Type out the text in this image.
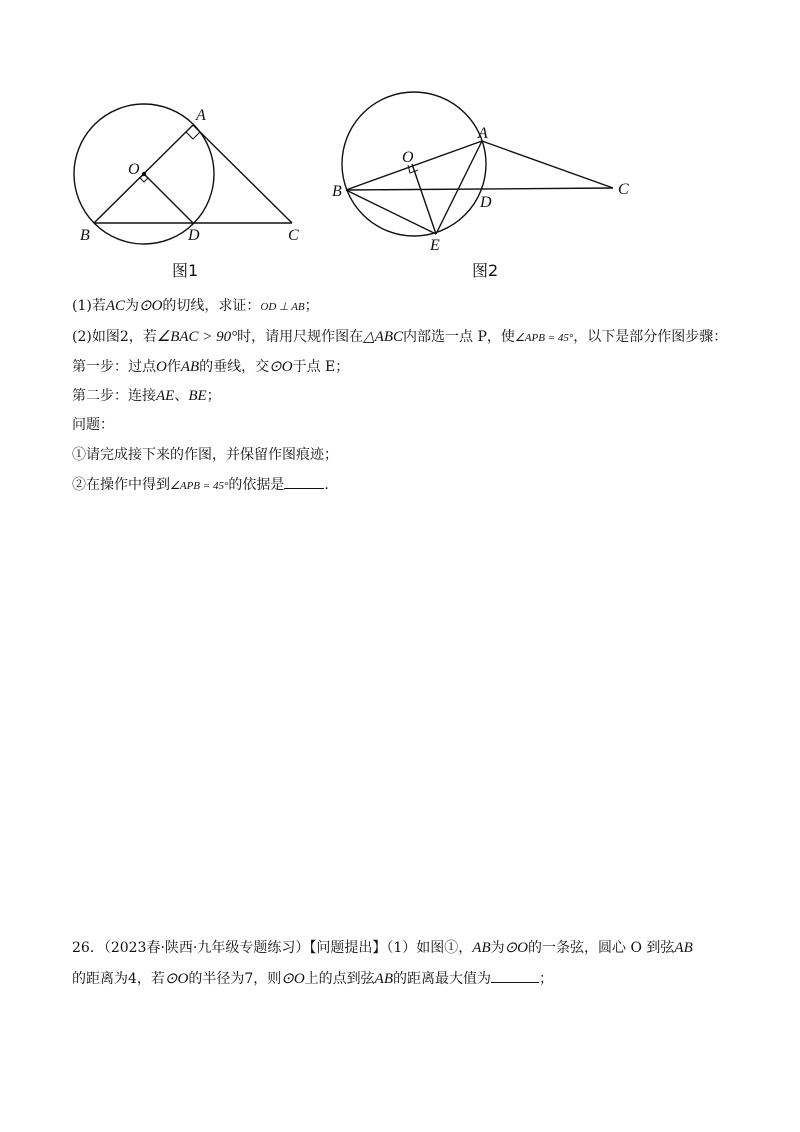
A
O
B	D	C
图1
A
O
B
D
C
E
图2
(1)若AC为⊙O的切线，求证：OD ⊥ AB；
(2)如图2，若∠BAC > 90°时，请用尺规作图在△ABC内部选一点 P，使∠APB = 45°，以下是部分作图步骤：
第一步：过点O作AB的垂线，交⊙O于点 E；
第二步：连接AE、BE；
问题：
①请完成接下来的作图，并保留作图痕迹；
②在操作中得到∠APB = 45°的依据是	.
26．（2023春·陕西·九年级专题练习）【问题提出】（1）如图①，AB为⊙O的一条弦，圆心 O 到弦AB
的距离为4，若⊙O的半径为7，则⊙O上的点到弦AB的距离最大值为	；
